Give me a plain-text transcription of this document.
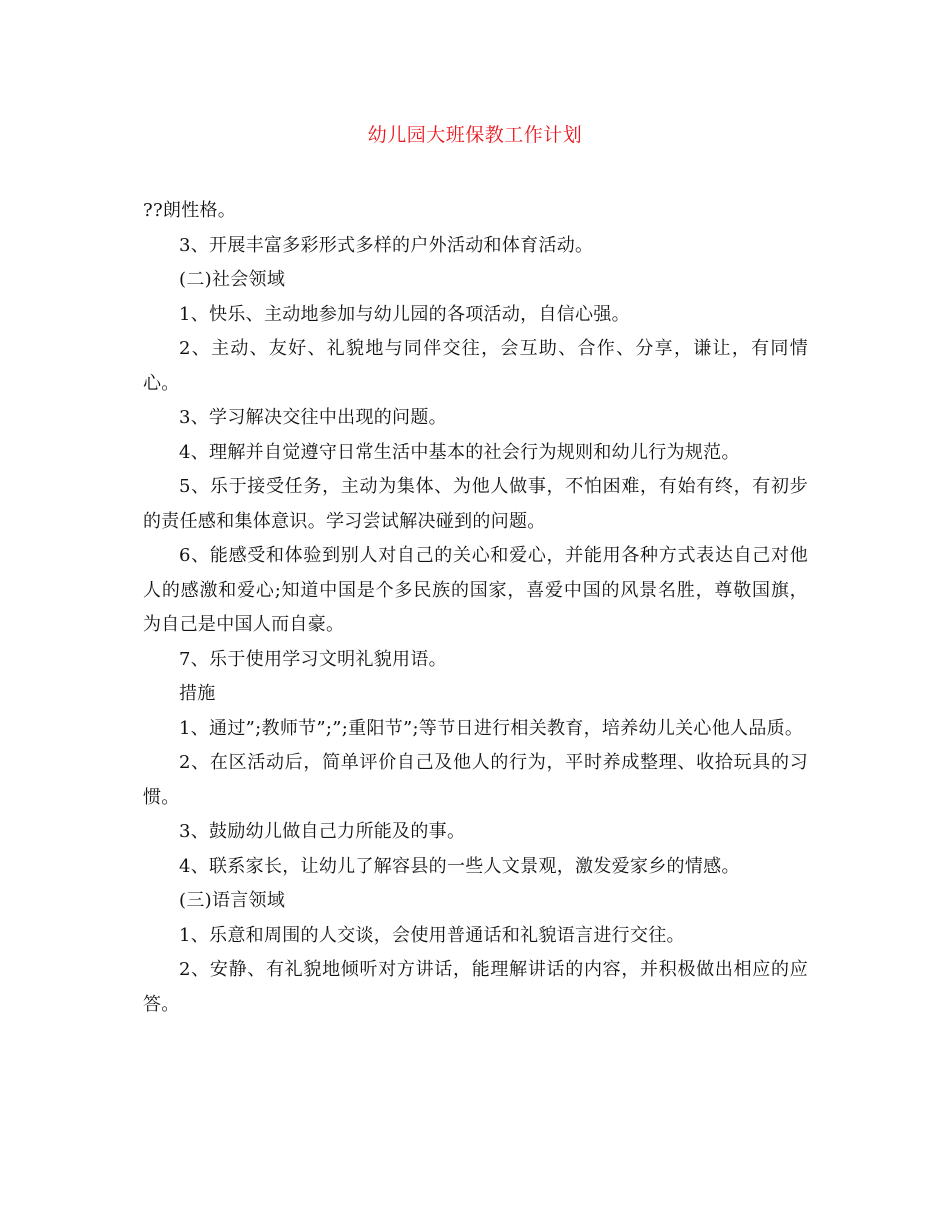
幼儿园大班保教工作计划

??朗性格。

3、开展丰富多彩形式多样的户外活动和体育活动。

(二)社会领域

1、快乐、主动地参加与幼儿园的各项活动，自信心强。

2、主动、友好、礼貌地与同伴交往，会互助、合作、分享，谦让，有同情心。

3、学习解决交往中出现的问题。

4、理解并自觉遵守日常生活中基本的社会行为规则和幼儿行为规范。

5、乐于接受任务，主动为集体、为他人做事，不怕困难，有始有终，有初步的责任感和集体意识。学习尝试解决碰到的问题。

6、能感受和体验到别人对自己的关心和爱心，并能用各种方式表达自己对他人的感激和爱心;知道中国是个多民族的国家，喜爱中国的风景名胜，尊敬国旗，为自己是中国人而自豪。

7、乐于使用学习文明礼貌用语。

措施

1、通过”;教师节”;”;重阳节”;等节日进行相关教育，培养幼儿关心他人品质。

2、在区活动后，简单评价自己及他人的行为，平时养成整理、收拾玩具的习惯。

3、鼓励幼儿做自己力所能及的事。

4、联系家长，让幼儿了解容县的一些人文景观，激发爱家乡的情感。

(三)语言领域

1、乐意和周围的人交谈，会使用普通话和礼貌语言进行交往。

2、安静、有礼貌地倾听对方讲话，能理解讲话的内容，并积极做出相应的应答。
